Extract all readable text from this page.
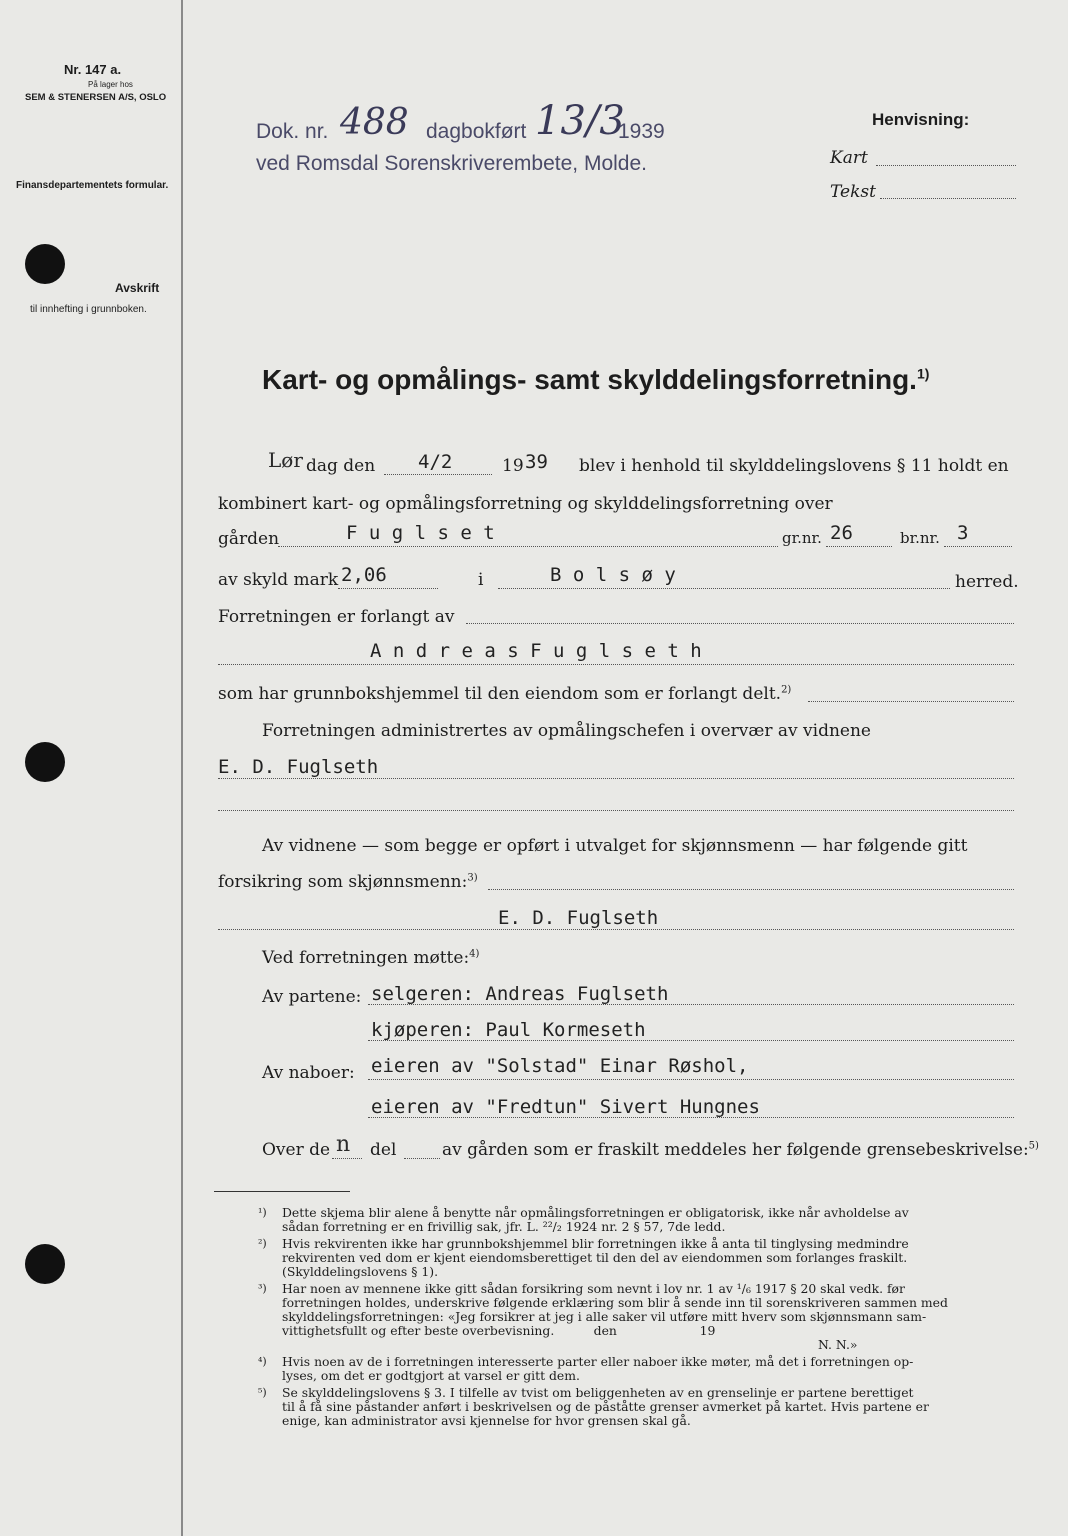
Nr. 147 a.
På lager hos
SEM & STENERSEN A/S, OSLO
Finansdepartementets formular.
Avskrift
til innhefting i grunnboken.
Dok. nr. 488 dagbokført 13/3
1939
ved Romsdal Sorenskriverembete, Molde.
Henvisning:
Kart
Tekst
Kart- og opmålings- samt skylddelingsforretning.$^{1)}$
Lør dag den 4/2	19 39 blev i henhold til skylddelingslovens § 11 holdt en
kombinert kart- og opmålingsforretning og skylddelingsforretning over
gården	F u g l s e t	gr.nr. 26	br.nr. 3
av skyld mark 2,06	i	B o l s ø y	herred.
Forretningen er forlangt av
A n d r e a s F u g l s e t h
som har grunnbokshjemmel til den eiendom som er forlangt delt.$^{2)}$
Forretningen administrertes av opmålingschefen i overvær av vidnene
E. D. Fuglseth
Av vidnene — som begge er opført i utvalget for skjønnsmenn — har følgende gitt
forsikring som skjønnsmenn:$^{3)}$
E. D. Fuglseth
Ved forretningen møtte:$^{4)}$
Av partene: selgeren: Andreas Fuglseth
kjøperen: Paul Kormeseth
Av naboer: eieren av "Solstad" Einar Røshol,
eieren av "Fredtun" Sivert Hungnes
Over de n del	av gården som er fraskilt meddeles her følgende grensebeskrivelse:$^{5)}$
¹) Dette skjema blir alene å benytte når opmålingsforretningen er obligatorisk, ikke når avholdelse av
sådan forretning er en frivillig sak, jfr. L. ²²/₂ 1924 nr. 2 § 57, 7de ledd.
²) Hvis rekvirenten ikke har grunnbokshjemmel blir forretningen ikke å anta til tinglysing medmindre
rekvirenten ved dom er kjent eiendomsberettiget til den del av eiendommen som forlanges fraskilt.
(Skylddelingslovens § 1).
³) Har noen av mennene ikke gitt sådan forsikring som nevnt i lov nr. 1 av ¹/₆ 1917 § 20 skal vedk. før
forretningen holdes, underskrive følgende erklæring som blir å sende inn til sorenskriveren sammen med
skylddelingsforretningen: «Jeg forsikrer at jeg i alle saker vil utføre mitt hverv som skjønnsmann sam-
vittighetsfullt og efter beste overbevisning.          den                     19
N. N.»
⁴) Hvis noen av de i forretningen interesserte parter eller naboer ikke møter, må det i forretningen op-
lyses, om det er godtgjort at varsel er gitt dem.
⁵) Se skylddelingslovens § 3. I tilfelle av tvist om beliggenheten av en grenselinje er partene berettiget
til å få sine påstander anført i beskrivelsen og de påståtte grenser avmerket på kartet. Hvis partene er
enige, kan administrator avsi kjennelse for hvor grensen skal gå.
